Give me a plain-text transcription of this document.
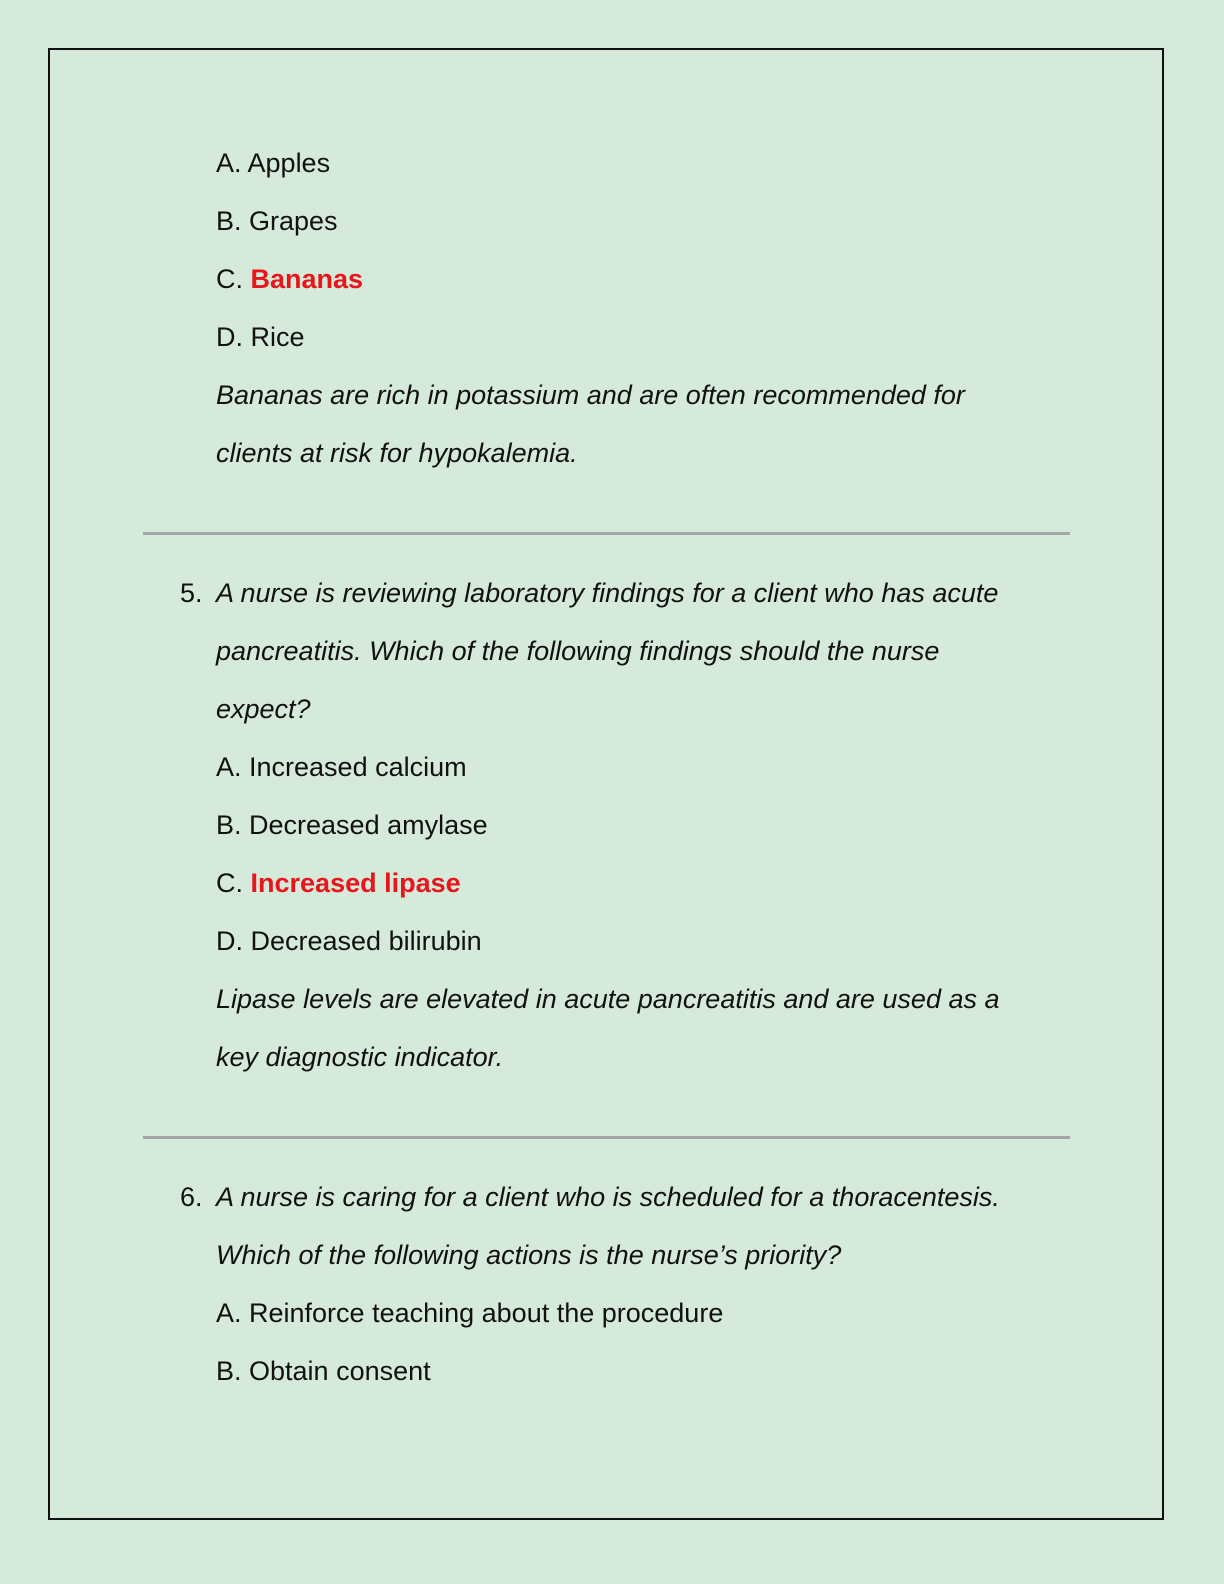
A. Apples
B. Grapes
C. Bananas
D. Rice
Bananas are rich in potassium and are often recommended for
clients at risk for hypokalemia.
5. A nurse is reviewing laboratory findings for a client who has acute
pancreatitis. Which of the following findings should the nurse
expect?
A. Increased calcium
B. Decreased amylase
C. Increased lipase
D. Decreased bilirubin
Lipase levels are elevated in acute pancreatitis and are used as a
key diagnostic indicator.
6. A nurse is caring for a client who is scheduled for a thoracentesis.
Which of the following actions is the nurse’s priority?
A. Reinforce teaching about the procedure
B. Obtain consent
